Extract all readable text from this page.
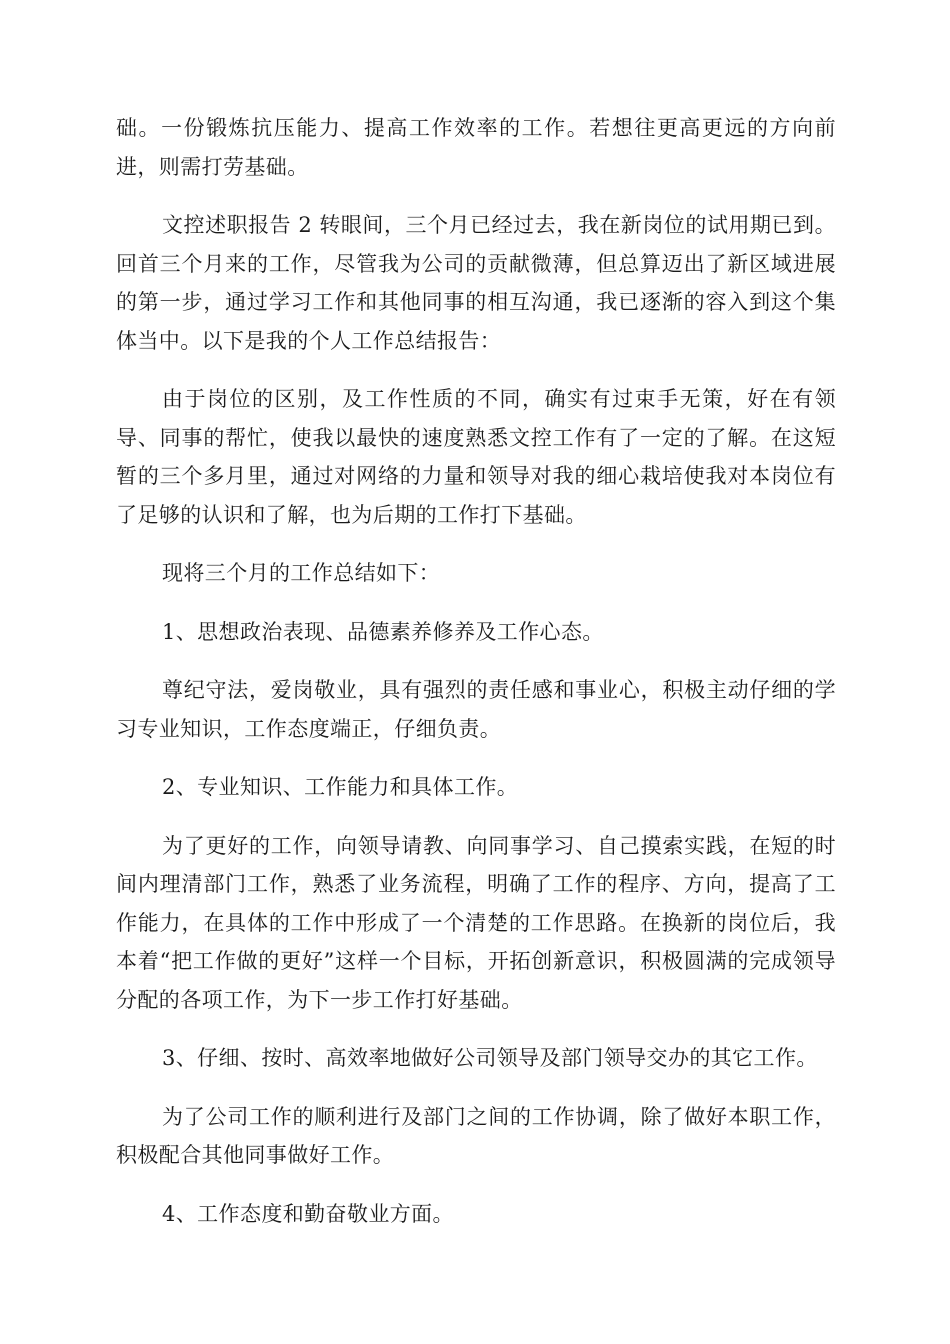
础。一份锻炼抗压能力、提高工作效率的工作。若想往更高更远的方向前进，则需打劳基础。

文控述职报告 2 转眼间，三个月已经过去，我在新岗位的试用期已到。回首三个月来的工作，尽管我为公司的贡献微薄，但总算迈出了新区域进展的第一步，通过学习工作和其他同事的相互沟通，我已逐渐的容入到这个集体当中。以下是我的个人工作总结报告：

由于岗位的区别，及工作性质的不同，确实有过束手无策，好在有领导、同事的帮忙，使我以最快的速度熟悉文控工作有了一定的了解。在这短暂的三个多月里，通过对网络的力量和领导对我的细心栽培使我对本岗位有了足够的认识和了解，也为后期的工作打下基础。

现将三个月的工作总结如下：

1、思想政治表现、品德素养修养及工作心态。

尊纪守法，爱岗敬业，具有强烈的责任感和事业心，积极主动仔细的学习专业知识，工作态度端正，仔细负责。

2、专业知识、工作能力和具体工作。

为了更好的工作，向领导请教、向同事学习、自己摸索实践，在短的时间内理清部门工作，熟悉了业务流程，明确了工作的程序、方向，提高了工作能力，在具体的工作中形成了一个清楚的工作思路。在换新的岗位后，我本着“把工作做的更好”这样一个目标，开拓创新意识，积极圆满的完成领导分配的各项工作，为下一步工作打好基础。

3、仔细、按时、高效率地做好公司领导及部门领导交办的其它工作。

为了公司工作的顺利进行及部门之间的工作协调，除了做好本职工作，积极配合其他同事做好工作。

4、工作态度和勤奋敬业方面。
